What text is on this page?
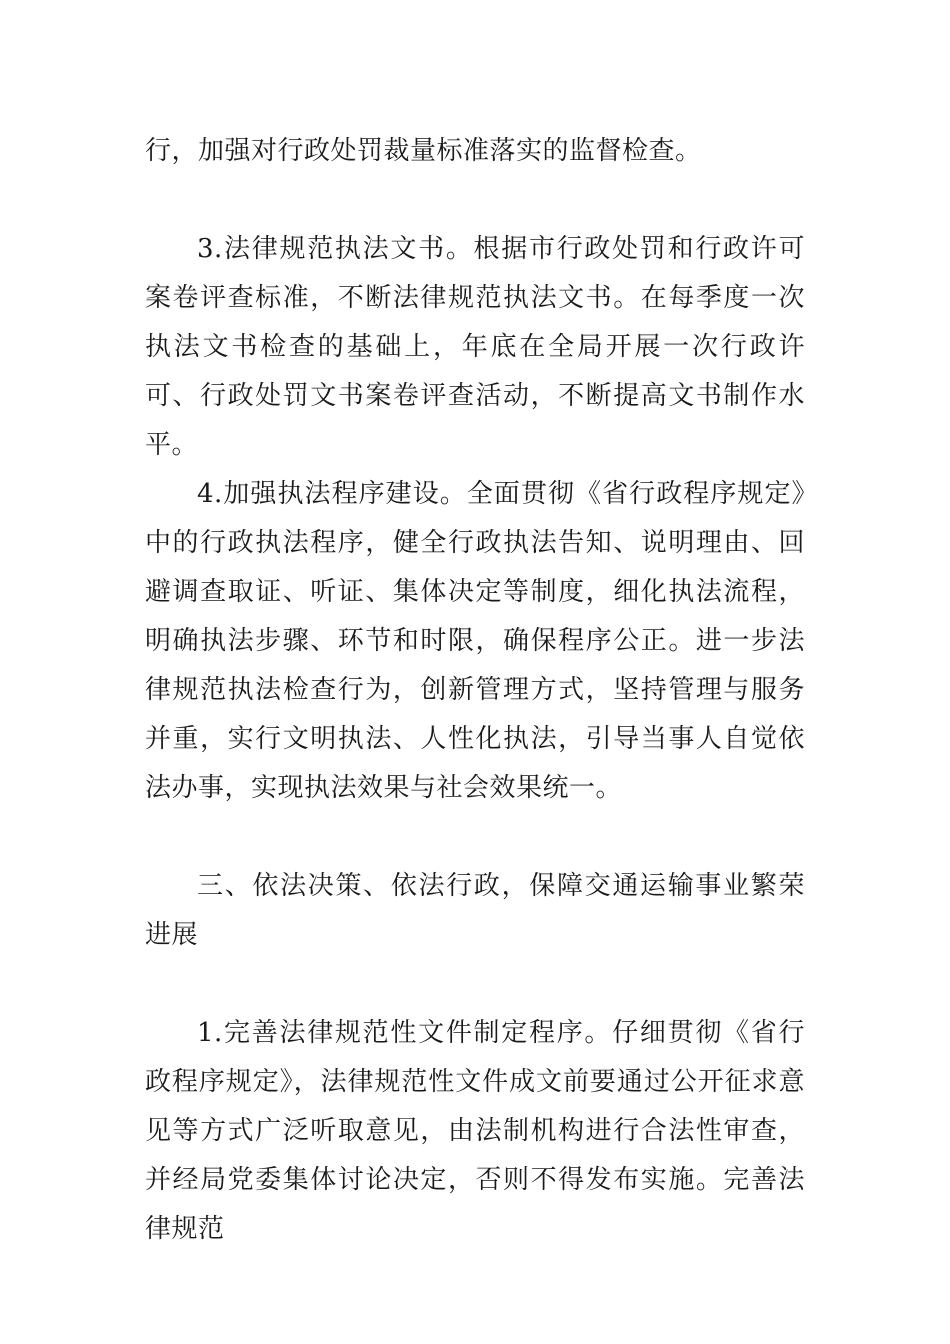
行，加强对行政处罚裁量标准落实的监督检查。

3.法律规范执法文书。根据市行政处罚和行政许可案卷评查标准，不断法律规范执法文书。在每季度一次执法文书检查的基础上，年底在全局开展一次行政许可、行政处罚文书案卷评查活动，不断提高文书制作水平。

4.加强执法程序建设。全面贯彻《省行政程序规定》中的行政执法程序，健全行政执法告知、说明理由、回避调查取证、听证、集体决定等制度，细化执法流程，明确执法步骤、环节和时限，确保程序公正。进一步法律规范执法检查行为，创新管理方式，坚持管理与服务并重，实行文明执法、人性化执法，引导当事人自觉依法办事，实现执法效果与社会效果统一。

三、依法决策、依法行政，保障交通运输事业繁荣进展

1.完善法律规范性文件制定程序。仔细贯彻《省行政程序规定》，法律规范性文件成文前要通过公开征求意见等方式广泛听取意见，由法制机构进行合法性审查，并经局党委集体讨论决定，否则不得发布实施。完善法律规范
